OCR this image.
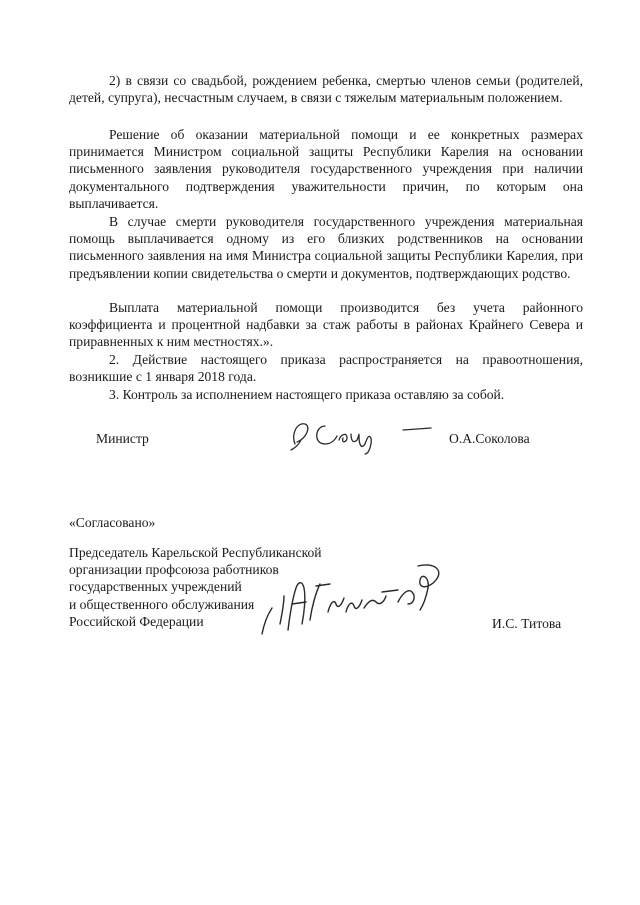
2) в связи со свадьбой, рождением ребенка, смертью членов семьи (родителей, детей, супруга), несчастным случаем, в связи с тяжелым материальным положением.

Решение об оказании материальной помощи и ее конкретных размерах принимается Министром социальной защиты Республики Карелия на основании письменного заявления руководителя государственного учреждения при наличии документального подтверждения уважительности причин, по которым она выплачивается.

В случае смерти руководителя государственного учреждения материальная помощь выплачивается одному из его близких родственников на основании письменного заявления на имя Министра социальной защиты Республики Карелия, при предъявлении копии свидетельства о смерти и документов, подтверждающих родство.

Выплата материальной помощи производится без учета районного коэффициента и процентной надбавки за стаж работы в районах Крайнего Севера и приравненных к ним местностях.».

2. Действие настоящего приказа распространяется на правоотношения, возникшие с 1 января 2018 года.

3. Контроль за исполнением настоящего приказа оставляю за собой.

Министр	О.А.Соколова
«Согласовано»
Председатель Карельской Республиканской
организации профсоюза работников
государственных учреждений
и общественного обслуживания
Российской Федерации	И.С. Титова
